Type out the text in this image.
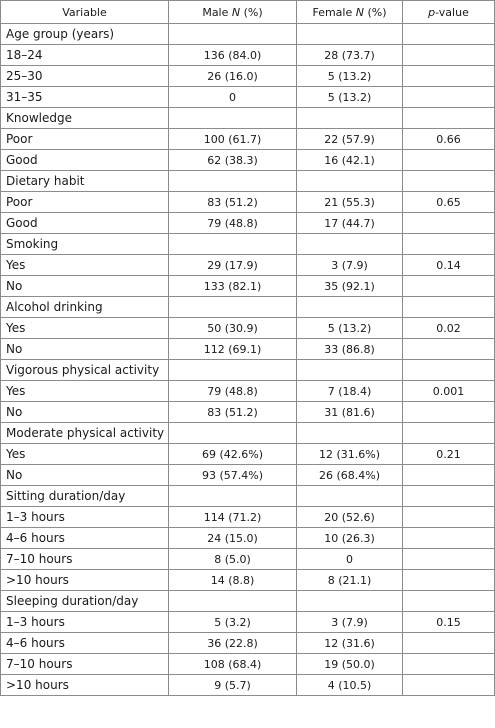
Variable	Male N (%)	Female N (%)	p-value
Age group (years)			
18–24	136 (84.0)	28 (73.7)	
25–30	26 (16.0)	5 (13.2)	
31–35	0	5 (13.2)	
Knowledge			
Poor	100 (61.7)	22 (57.9)	0.66
Good	62 (38.3)	16 (42.1)	
Dietary habit			
Poor	83 (51.2)	21 (55.3)	0.65
Good	79 (48.8)	17 (44.7)	
Smoking			
Yes	29 (17.9)	3 (7.9)	0.14
No	133 (82.1)	35 (92.1)	
Alcohol drinking			
Yes	50 (30.9)	5 (13.2)	0.02
No	112 (69.1)	33 (86.8)	
Vigorous physical activity			
Yes	79 (48.8)	7 (18.4)	0.001
No	83 (51.2)	31 (81.6)	
Moderate physical activity			
Yes	69 (42.6%)	12 (31.6%)	0.21
No	93 (57.4%)	26 (68.4%)	
Sitting duration/day			
1–3 hours	114 (71.2)	20 (52.6)	
4–6 hours	24 (15.0)	10 (26.3)	
7–10 hours	8 (5.0)	0	
>10 hours	14 (8.8)	8 (21.1)	
Sleeping duration/day			
1–3 hours	5 (3.2)	3 (7.9)	0.15
4–6 hours	36 (22.8)	12 (31.6)	
7–10 hours	108 (68.4)	19 (50.0)	
>10 hours	9 (5.7)	4 (10.5)	
